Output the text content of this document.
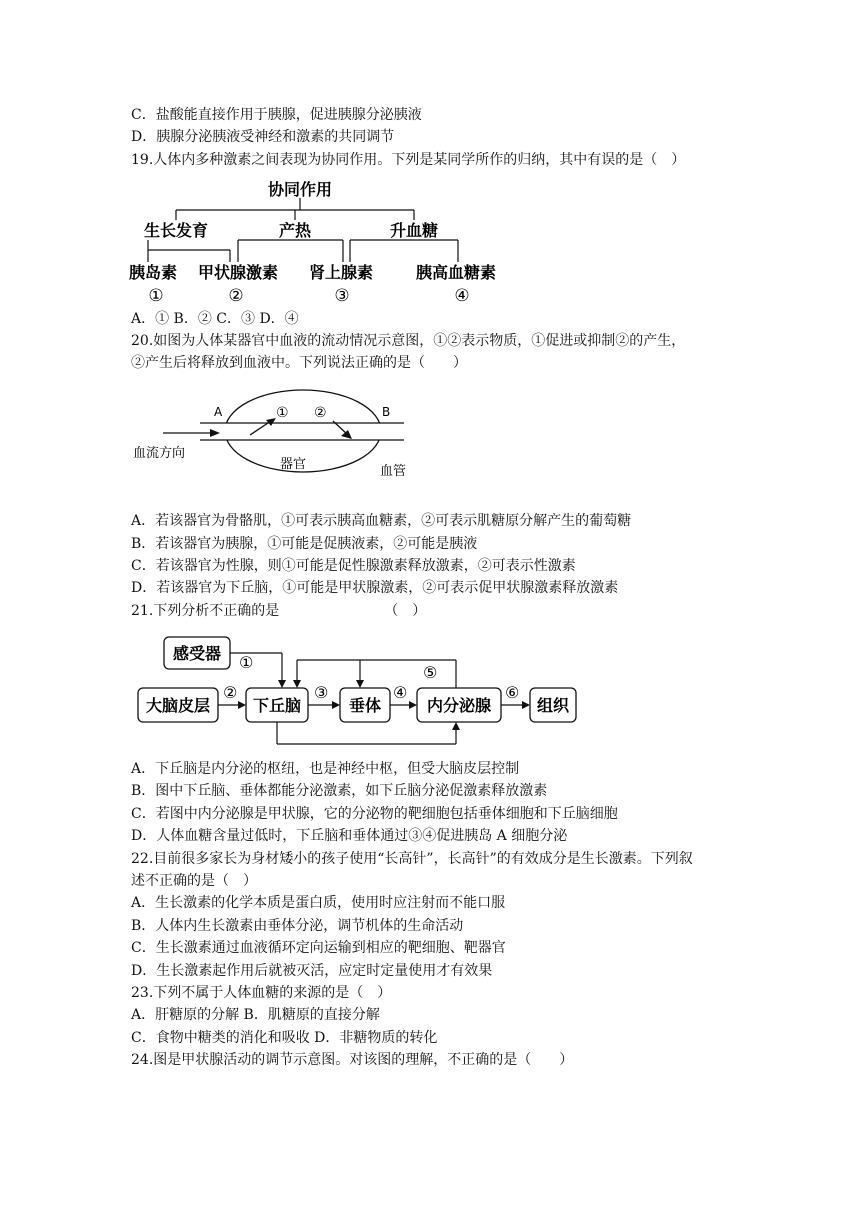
C．盐酸能直接作用于胰腺，促进胰腺分泌胰液
D．胰腺分泌胰液受神经和激素的共同调节
19.人体内多种激素之间表现为协同作用。下列是某同学所作的归纳，其中有误的是（　）
协同作用
生长发育	产热	升血糖
胰岛素 甲状腺激素 肾上腺素	胰高血糖素
①	②	③	④
A．① B．② C．③ D．④
20.如图为人体某器官中血液的流动情况示意图，①②表示物质，①促进或抑制②的产生，
②产生后将释放到血液中。下列说法正确的是（　　）
A	B
① ②
血流方向
器官	血管
A．若该器官为骨骼肌，①可表示胰高血糖素，②可表示肌糖原分解产生的葡萄糖
B．若该器官为胰腺，①可能是促胰液素，②可能是胰液
C．若该器官为性腺，则①可能是促性腺激素释放激素，②可表示性激素
D．若该器官为下丘脑，①可能是甲状腺激素，②可表示促甲状腺激素释放激素
21.下列分析不正确的是　　　　　　　　（　）
感受器
大脑皮层	下丘脑	垂体	内分泌腺	组织
①
②	③	④
⑤
⑥
A．下丘脑是内分泌的枢纽，也是神经中枢，但受大脑皮层控制
B．图中下丘脑、垂体都能分泌激素，如下丘脑分泌促激素释放激素
C．若图中内分泌腺是甲状腺，它的分泌物的靶细胞包括垂体细胞和下丘脑细胞
D．人体血糖含量过低时，下丘脑和垂体通过③④促进胰岛 A 细胞分泌
22.目前很多家长为身材矮小的孩子使用“长高针”，长高针”的有效成分是生长激素。下列叙
述不正确的是（　）
A．生长激素的化学本质是蛋白质，使用时应注射而不能口服
B．人体内生长激素由垂体分泌，调节机体的生命活动
C．生长激素通过血液循环定向运输到相应的靶细胞、靶器官
D．生长激素起作用后就被灭活，应定时定量使用才有效果
23.下列不属于人体血糖的来源的是（　）
A．肝糖原的分解 B．肌糖原的直接分解
C．食物中糖类的消化和吸收 D．非糖物质的转化
24.图是甲状腺活动的调节示意图。对该图的理解，不正确的是（　　）
